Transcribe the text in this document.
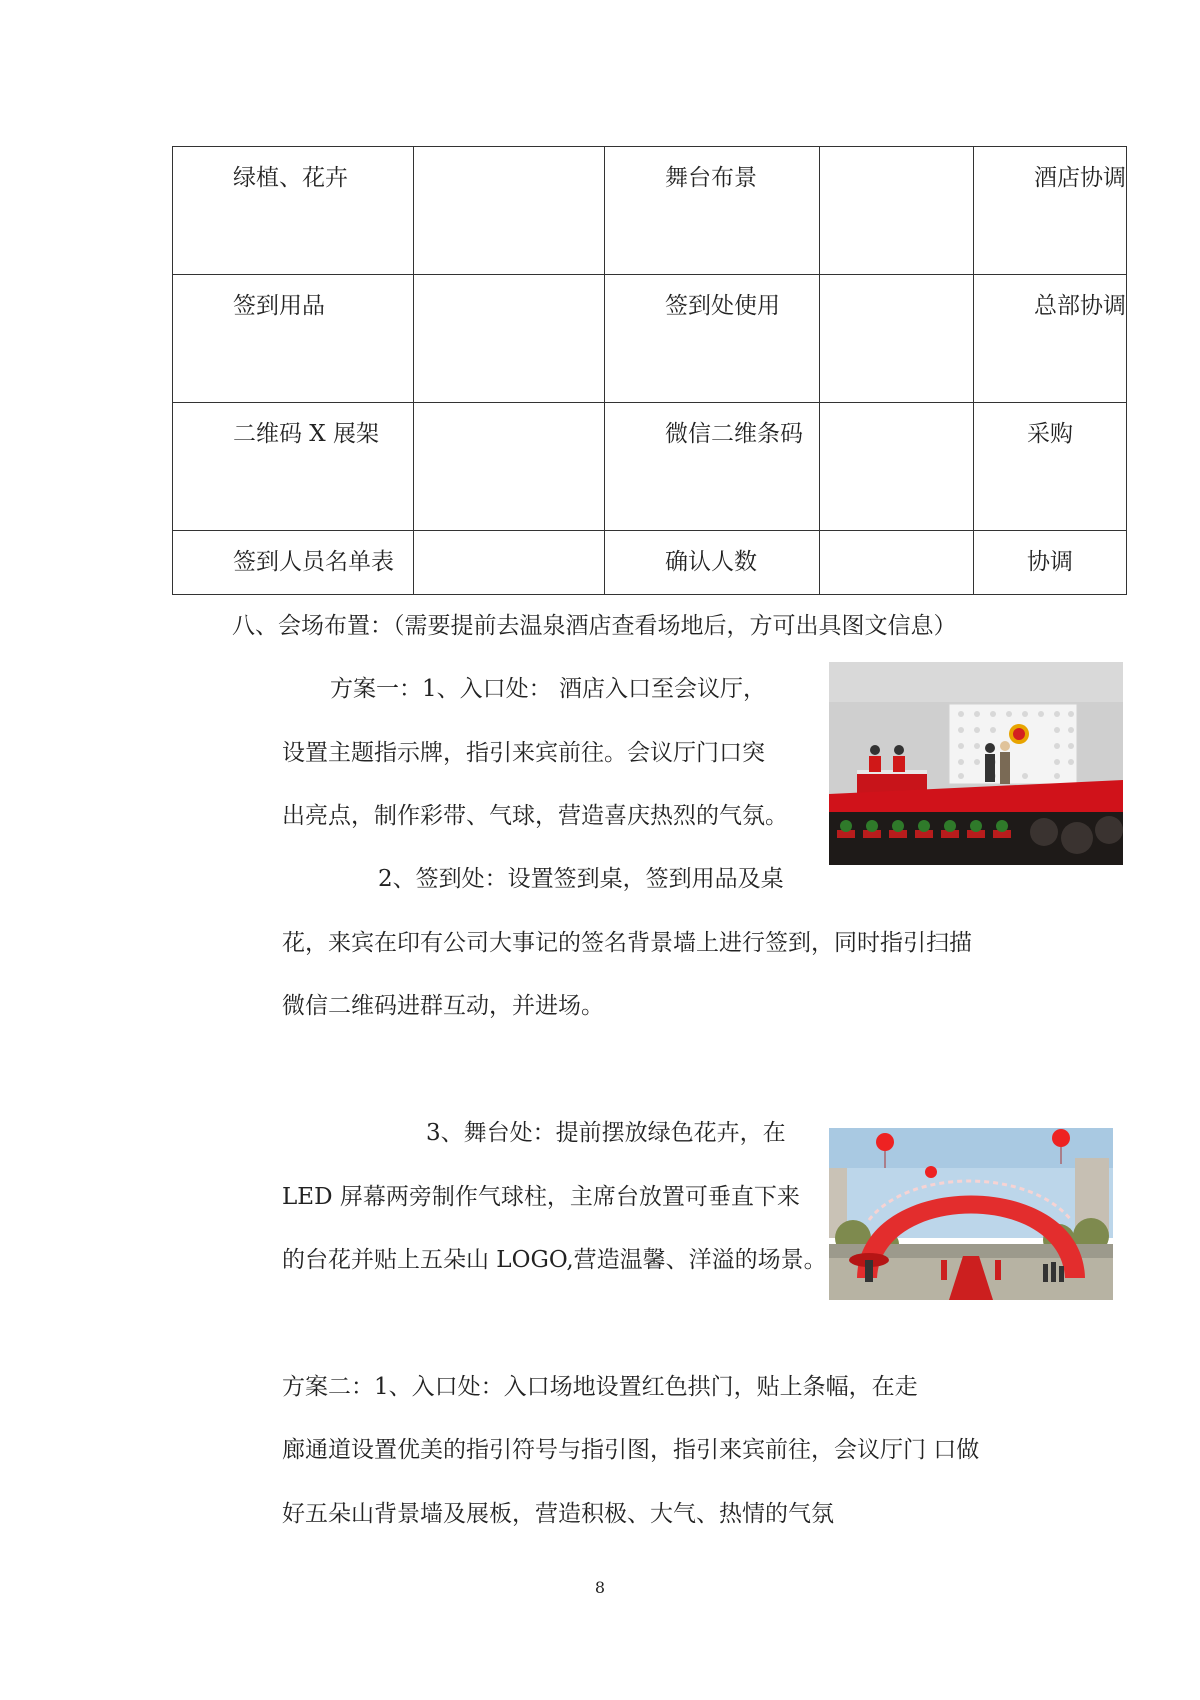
绿植、花卉		舞台布景		酒店协调
签到用品		签到处使用		总部协调
二维码 X 展架		微信二维条码		采购
签到人员名单表		确认人数		协调
八、会场布置：（需要提前去温泉酒店查看场地后，方可出具图文信息）
方案一：1、入口处： 酒店入口至会议厅，
设置主题指示牌，指引来宾前往。会议厅门口突
出亮点，制作彩带、气球，营造喜庆热烈的气氛。
2、签到处：设置签到桌，签到用品及桌
花，来宾在印有公司大事记的签名背景墙上进行签到，同时指引扫描
微信二维码进群互动，并进场。
3、舞台处：提前摆放绿色花卉，在
LED 屏幕两旁制作气球柱，主席台放置可垂直下来
的台花并贴上五朵山 LOGO,营造温馨、洋溢的场景。
方案二：1、入口处：入口场地设置红色拱门，贴上条幅，在走
廊通道设置优美的指引符号与指引图，指引来宾前往，会议厅门 口做
好五朵山背景墙及展板，营造积极、大气、热情的气氛
8
